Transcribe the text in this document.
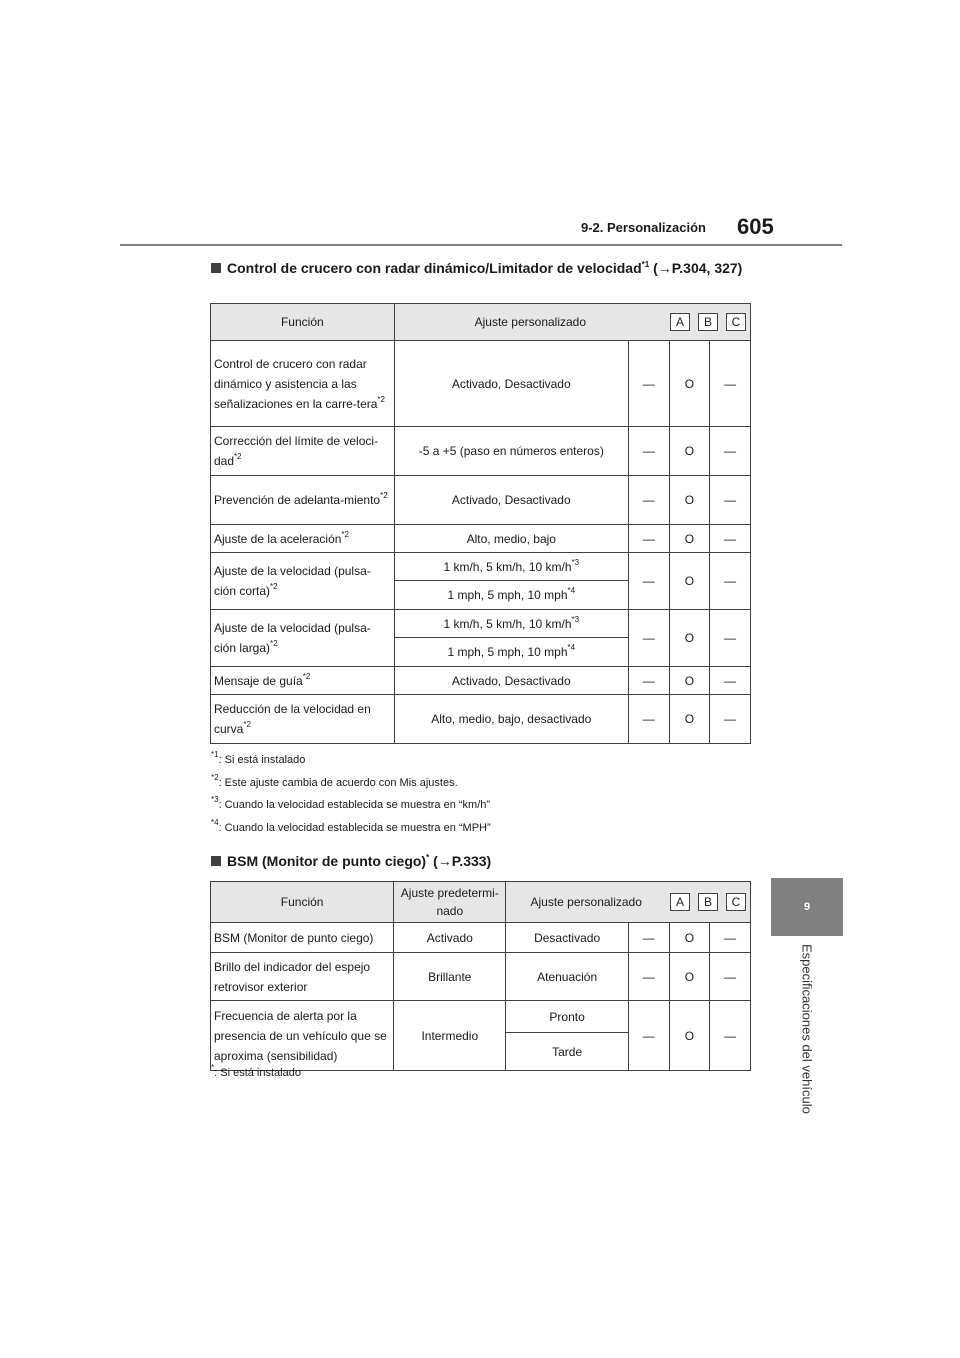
9-2. Personalización 605
9
Especificaciones del vehículo
Control de crucero con radar dinámico/Limitador de velocidad$^{*1}$ (→P.304, 327)
Función	Ajuste personalizado A B C			

Control de crucero con radar dinámico y asistencia a las señalizaciones en la carre-tera$^{*2}$	Activado, Desactivado	—	O	—
Corrección del límite de veloci-dad$^{*2}$	-5 a +5 (paso en números enteros)	—	O	—
Prevención de adelanta-miento$^{*2}$	Activado, Desactivado	—	O	—
Ajuste de la aceleración$^{*2}$	Alto, medio, bajo	—	O	—
Ajuste de la velocidad (pulsa-ción corta)$^{*2}$	1 km/h, 5 km/h, 10 $km/h^{*3}$	—	O	—
	1 mph, 5 mph, 10 mph$^{*4}$
Ajuste de la velocidad (pulsa-ción larga)$^{*2}$	1 km/h, 5 km/h, 10 $km/h^{*3}$	—	O	—
	1 mph, 5 mph, 10 mph$^{*4}$
Mensaje de guía$^{*2}$	Activado, Desactivado	—	O	—
Reducción de la velocidad en curva$^{*2}$	Alto, medio, bajo, desactivado	—	O	—
$^{*1}$: Si está instalado
$^{*2}$: Este ajuste cambia de acuerdo con Mis ajustes.
$^{*3}$: Cuando la velocidad establecida se muestra en “km/h”
$^{*4}$: Cuando la velocidad establecida se muestra en “MPH”
BSM (Monitor de punto ciego)* (→P.333)
Función	Ajuste predetermi-nado	Ajuste personalizado A B C			

BSM (Monitor de punto ciego)	Activado	Desactivado	—	O	—
Brillo del indicador del espejo retrovisor exterior	Brillante	Atenuación	—	O	—
Frecuencia de alerta por la presencia de un vehículo que se aproxima (sensibilidad)	Intermedio	Pronto	—	O	—
		Tarde			
*: Si está instalado
